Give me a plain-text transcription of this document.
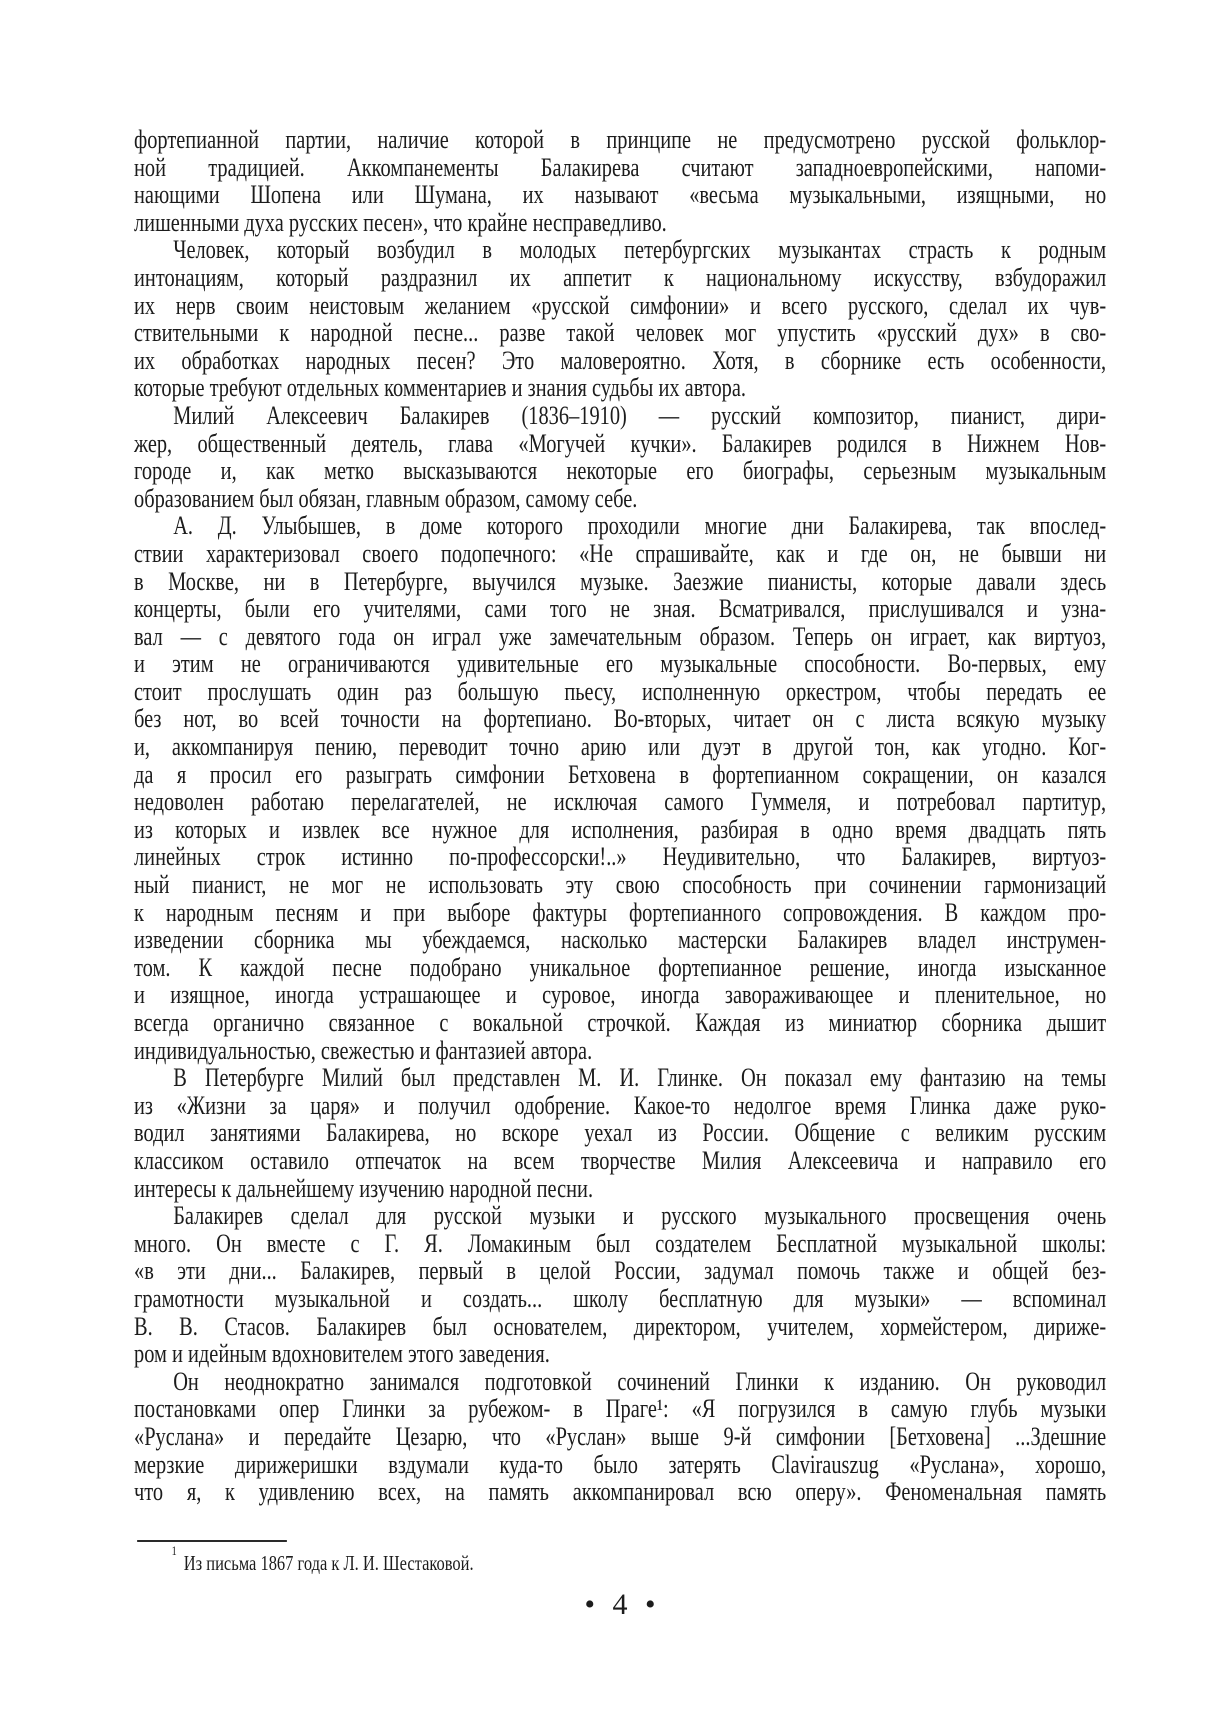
фортепианной партии, наличие которой в принципе не предусмотрено русской фольклор-
ной традицией. Аккомпанементы Балакирева считают западноевропейскими, напоми-
нающими Шопена или Шумана, их называют «весьма музыкальными, изящными, но
лишенными духа русских песен», что крайне несправедливо.
Человек, который возбудил в молодых петербургских музыкантах страсть к родным
интонациям, который раздразнил их аппетит к национальному искусству, взбудоражил
их нерв своим неистовым желанием «русской симфонии» и всего русского, сделал их чув-
ствительными к народной песне... разве такой человек мог упустить «русский дух» в сво-
их обработках народных песен? Это маловероятно. Хотя, в сборнике есть особенности,
которые требуют отдельных комментариев и знания судьбы их автора.
Милий Алексеевич Балакирев (1836–1910) — русский композитор, пианист, дири-
жер, общественный деятель, глава «Могучей кучки». Балакирев родился в Нижнем Нов-
городе и, как метко высказываются некоторые его биографы, серьезным музыкальным
образованием был обязан, главным образом, самому себе.
А. Д. Улыбышев, в доме которого проходили многие дни Балакирева, так впослед-
ствии характеризовал своего подопечного: «Не спрашивайте, как и где он, не бывши ни
в Москве, ни в Петербурге, выучился музыке. Заезжие пианисты, которые давали здесь
концерты, были его учителями, сами того не зная. Всматривался, прислушивался и узна-
вал — с девятого года он играл уже замечательным образом. Теперь он играет, как виртуоз,
и этим не ограничиваются удивительные его музыкальные способности. Во-первых, ему
стоит прослушать один раз большую пьесу, исполненную оркестром, чтобы передать ее
без нот, во всей точности на фортепиано. Во-вторых, читает он с листа всякую музыку
и, аккомпанируя пению, переводит точно арию или дуэт в другой тон, как угодно. Ког-
да я просил его разыграть симфонии Бетховена в фортепианном сокращении, он казался
недоволен работаю перелагателей, не исключая самого Гуммеля, и потребовал партитур,
из которых и извлек все нужное для исполнения, разбирая в одно время двадцать пять
линейных строк истинно по-профессорски!..» Неудивительно, что Балакирев, виртуоз-
ный пианист, не мог не использовать эту свою способность при сочинении гармонизаций
к народным песням и при выборе фактуры фортепианного сопровождения. В каждом про-
изведении сборника мы убеждаемся, насколько мастерски Балакирев владел инструмен-
том. К каждой песне подобрано уникальное фортепианное решение, иногда изысканное
и изящное, иногда устрашающее и суровое, иногда завораживающее и пленительное, но
всегда органично связанное с вокальной строчкой. Каждая из миниатюр сборника дышит
индивидуальностью, свежестью и фантазией автора.
В Петербурге Милий был представлен М. И. Глинке. Он показал ему фантазию на темы
из «Жизни за царя» и получил одобрение. Какое-то недолгое время Глинка даже руко-
водил занятиями Балакирева, но вскоре уехал из России. Общение с великим русским
классиком оставило отпечаток на всем творчестве Милия Алексеевича и направило его
интересы к дальнейшему изучению народной песни.
Балакирев сделал для русской музыки и русского музыкального просвещения очень
много. Он вместе с Г. Я. Ломакиным был создателем Бесплатной музыкальной школы:
«в эти дни... Балакирев, первый в целой России, задумал помочь также и общей без-
грамотности музыкальной и создать... школу бесплатную для музыки» — вспоминал
В. В. Стасов. Балакирев был основателем, директором, учителем, хормейстером, дириже-
ром и идейным вдохновителем этого заведения.
Он неоднократно занимался подготовкой сочинений Глинки к изданию. Он руководил
постановками опер Глинки за рубежом- в Праге¹: «Я погрузился в самую глубь музыки
«Руслана» и передайте Цезарю, что «Руслан» выше 9-й симфонии [Бетховена] ...Здешние
мерзкие дирижеришки вздумали куда-то было затерять Clavirauszug «Руслана», хорошо,
что я, к удивлению всех, на память аккомпанировал всю оперу». Феноменальная память
$^1$Из письма 1867 года к Л. И. Шестаковой.
• 4 •
